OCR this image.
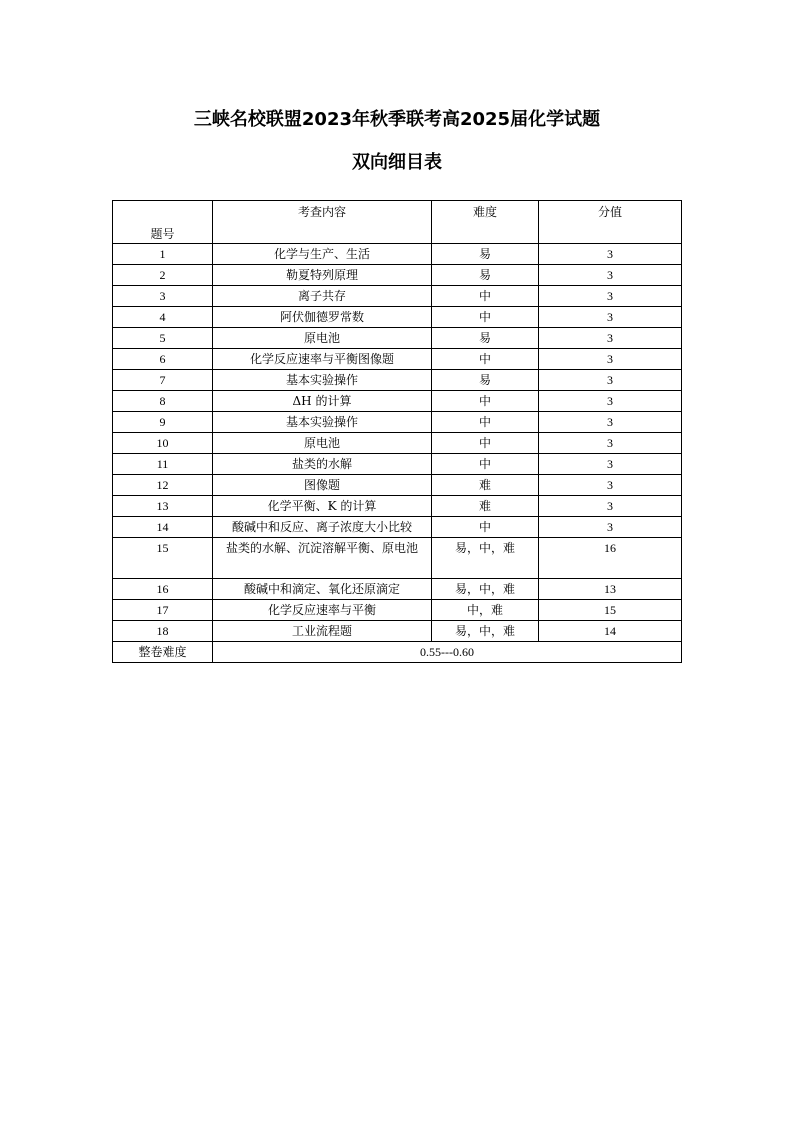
三峡名校联盟2023年秋季联考高2025届化学试题
双向细目表
题号	考查内容	难度	分值
1	化学与生产、生活	易	3
2	勒夏特列原理	易	3
3	离子共存	中	3
4	阿伏伽德罗常数	中	3
5	原电池	易	3
6	化学反应速率与平衡图像题	中	3
7	基本实验操作	易	3
8	ΔH 的计算	中	3
9	基本实验操作	中	3
10	原电池	中	3
11	盐类的水解	中	3
12	图像题	难	3
13	化学平衡、K 的计算	难	3
14	酸碱中和反应、离子浓度大小比较	中	3
15	盐类的水解、沉淀溶解平衡、原电池	易，中，难	16
16	酸碱中和滴定、氧化还原滴定	易，中，难	13
17	化学反应速率与平衡	中，难	15
18	工业流程题	易，中，难	14
整卷难度	0.55---0.60		
